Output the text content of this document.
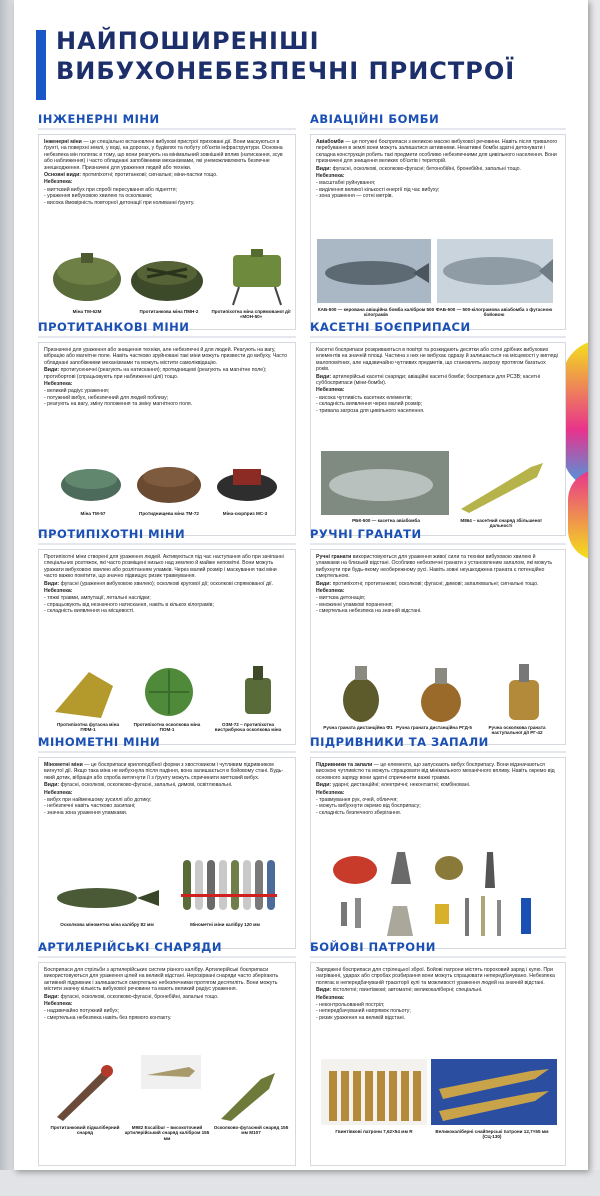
НАЙПОШИРЕНІШІ ВИБУХОНЕБЕЗПЕЧНІ ПРИСТРОЇ
ІНЖЕНЕРНІ МІНИ

Інженерні міни — це спеціально встановлені вибухові пристрої приховані дії. Вони маскуються в ґрунті, на поверхні землі, у воді, на дорогах, у будівлях та побуту об'єктів інфраструктури. Основна небезпека мін полягає в тому, що вони реагують на мінімальний зовнішній вплив (натискання, зсув або наближення) і часто обладнані запобіжними механізмами, які унеможливлюють безпечне знешкодження. Призначені для ураження людей або техніки.

Основні види: протипіхотні; протитанкові; сигнальні; міни-пастки тощо.

Небезпека:

- миттєвий вибух при спробі пересування або підняття;
- ураження вибуховою хвилею та осколками;
- висока ймовірність повторної детонації при коливанні ґрунту.
Міна ТМ-62М	Протитанкова міна ПМН-2	Протипіхотна міна спрямованої дії «МОН-50»
АВІАЦІЙНІ БОМБИ

Авіабомби — це потужні боєприпаси з великою масою вибухової речовини. Навіть після тривалого перебування в землі вони можуть залишатися активними. Неактивні бомби здатні детонувати і складна конструкція робить такі предмети особливо небезпечними для цивільного населення. Вони призначені для знищення великих об'єктів і територій.

Види: фугасні, осколкові, осколково-фугасні; бетонобійні, бронебійні, запальні тощо.

Небезпека:

- масштабні руйнування;
- виділення великої кількості енергії під час вибуху;
- зона ураження — сотні метрів.
КАБ-500 — керована авіаційна бомба калібром 500 кілограмів
ФАБ-500 — 500-кілограмова авіабомба з фугасною бойовою
ПРОТИТАНКОВІ МІНИ

Призначені для ураження або знищення техніки, але небезпечні й для людей. Реагують на вагу, вібрацію або магнітне поле. Навіть частково зруйновані такі міни можуть призвести до вибуху. Часто обладнані запобіжними механізмами та можуть містити самоліквідацію.

Види: протигусеничні (реагують на натискання); протиднищеві (реагують на магнітне поле); протибортові (спрацьовують при наближенні цілі) тощо.

Небезпека:

- великий радіус ураження;
- потужний вибух, небезпечний для людей поблизу;
- реагують на вагу, зміну положення та зміну магнітного поля.
Міна ТМ-57	Протиднищева міна ТМ-72	Міна-сюрприз МС-3
КАСЕТНІ БОЄПРИПАСИ

Касетні боєприпаси розкриваються в повітрі та розкидають десятки або сотні дрібних вибухових елементів на значній площі. Частина з них не вибухає одразу й залишається на місцевості у вигляді малопомітних, але надзвичайно чутливих предметів, що становлять загрозу протягом багатьох років.

Види: артилерійські касетні снаряди; авіаційні касетні бомби; боєприпаси для РСЗВ; касетні суббоєприпаси (міни-бомби).

Небезпека:

- висока чутливість касетних елементів;
- складність виявлення через малий розмір;
- тривала загроза для цивільного населення.
РБК-500 — касетна авіабомба	М864 – касетний снаряд збільшеної дальності
ПРОТИПІХОТНІ МІНИ

Протипіхотні міни створені для ураження людей. Активуються під час наступання або при зачіпанні спеціальних розтяжок, які часто розміщені низько над землею й майже непомітні. Вони можуть уражати вибуховою хвилею або розлітанням уламків. Через малий розмір і маскування такі міни часто важко помітити, що значно підвищує ризик травмування.

Види: фугасні (ураження вибуховою хвилею); осколкові кругової дії; осколкові спрямованої дії.

Небезпека:

- тяжкі травми, ампутації, летальні наслідки;
- спрацьовують від незначного натискання, навіть в кількох кілограмів;
- складність виявлення на місцевості.
Протипіхотна фугасна міна ПФМ-1
Протипіхотна осколкова міна ПОМ-1
ОЗМ-72 – протипіхотна вистрибуюча осколкова міна
РУЧНІ ГРАНАТИ

Ручні гранати використовуються для ураження живої сили та техніки вибуховою хвилею й уламками на близькій відстані. Особливо небезпечні гранати з установленим запалом, які можуть вибухнути при будь-якому необережному русі. Навіть зовні неушкоджена граната є потенційно смертельною.

Види: протипіхотні; протитанкові; осколкові; фугасні; димові; запалювальні; сигнальні тощо.

Небезпека:

- миттєва детонація;
- множинні уламкові поранення;
- смертельна небезпека на значній відстані.
Ручна граната дистанційна Ф1 Ручна граната дистанційна РГД-5	Ручна осколкова граната наступальної дії РГ-42
МІНОМЕТНІ МІНИ

Мінометні міни — це боєприпаси крилоподібної форми з хвостовиком і чутливим підривником вигнутої дії. Якщо така міна не вибухнула після падіння, вона залишається в бойовому стані. Будь-який дотик, вібрація або спроба витягнути її з ґрунту можуть спричинити миттєвий вибух.

Види: фугасні, осколкові, осколково-фугасні, запальні, димові, освітлювальні.

Небезпека:

- вибух при найменшому зусиллі або дотику;
- небезпечні навіть частково засипані;
- значна зона ураження уламками.
Осколкова мінометна міна калібру 82 мм	Мінометні міни калібру 120 мм
ПІДРИВНИКИ ТА ЗАПАЛИ

Підривники та запали — це елементи, що запускають вибух боєприпасу. Вони відзначаються високою чутливістю та можуть спрацювати від мінімального механічного впливу. Навіть окремо від основного заряду вони здатні спричинити важкі травми.

Види: ударні; дистанційні; електричні; неконтактні; комбіновані.

Небезпека:

- травмування рук, очей, обличчя;
- можуть вибухнути окремо від боєприпасу;
- складність безпечного зберігання.
АРТИЛЕРІЙСЬКІ СНАРЯДИ

Боєприпаси для стрільби з артилерійських систем різного калібру. Артилерійські боєприпаси використовуються для ураження цілей на великій відстані. Нерозірвані снаряди часто зберігають активний підривник і залишаються смертельно небезпечними протягом десятиліть. Вони можуть містити значну кількість вибухової речовини та мають великий радіус ураження.

Види: фугасні, осколкові, осколково-фугасні, бронебійні, запальні тощо.

Небезпека:

- надзвичайно потужний вибух;
- смертельна небезпека навіть без прямого контакту.
Протитанковий підкаліберний снаряд
M982 Excalibur – високоточний артилерійський снаряд калібром 155 мм
Осколково-фугасний снаряд 155 мм M107
БОЙОВІ ПАТРОНИ

Заряджені боєприпаси для стрілецької зброї. Бойові патрони містять пороховий заряд і кулю. При нагріванні, ударах або спробах розбирання вони можуть спрацювати непередбачувано. Небезпека полягає в непередбачуваній траєкторії кулі та можливості ураження людей на значній відстані.

Види: пістолетні; гвинтівкові; автоматні; великокаліберні; спеціальні.

Небезпека:

- неконтрольований постріл;
- непередбачуваний напрямок польоту;
- ризик ураження на великій відстані.
Гвинтівкові патрони 7,62×54 мм R	Великокаліберні снайперські патрони 12,7×55 мм (СЦ-130)
